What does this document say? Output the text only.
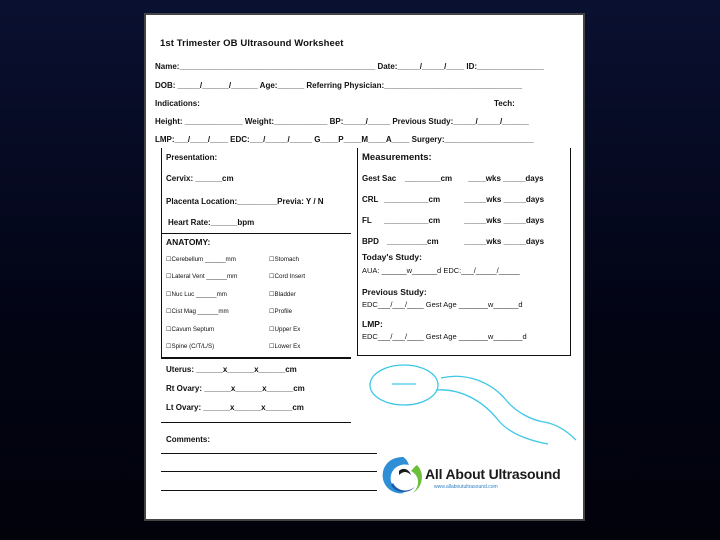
1st Trimester OB Ultrasound Worksheet
Name:____________________________________________ Date:_____/_____/____ ID:_______________
DOB: _____/______/______ Age:______ Referring Physician:_______________________________
Indications:	Tech:
Height: _____________ Weight:____________ BP:_____/_____ Previous Study:_____/_____/______
LMP:___/____/____ EDC:___/_____/_____ G____P____M____A____ Surgery:____________________
Presentation:
Cervix: ______cm
Placenta Location:_________Previa: Y / N
Heart Rate:______bpm
ANATOMY:
☐Cerebellum ______mm	☐Stomach
☐Lateral Vent ______mm	☐Cord Insert
☐Nuc Luc ______mm	☐Bladder
☐Cist Mag ______mm	☐Profile
☐Cavum Septum	☐Upper Ex
☐Spine (C/T/L/S)	☐Lower Ex
Uterus: ______x______x______cm
Rt Ovary: ______x______x______cm
Lt Ovary: ______x______x______cm
Comments:
Measurements:
Gest Sac ________cm ____wks _____days
CRL __________cm	_____wks _____days
FL __________cm	_____wks _____days
BPD _________cm	_____wks _____days
Today's Study:
AUA: ______w______d EDC:___/_____/_____
Previous Study:
EDC___/___/____ Gest Age _______w______d
LMP:
EDC___/___/____ Gest Age _______w_______d
All About Ultrasound
www.allaboutultrasound.com
